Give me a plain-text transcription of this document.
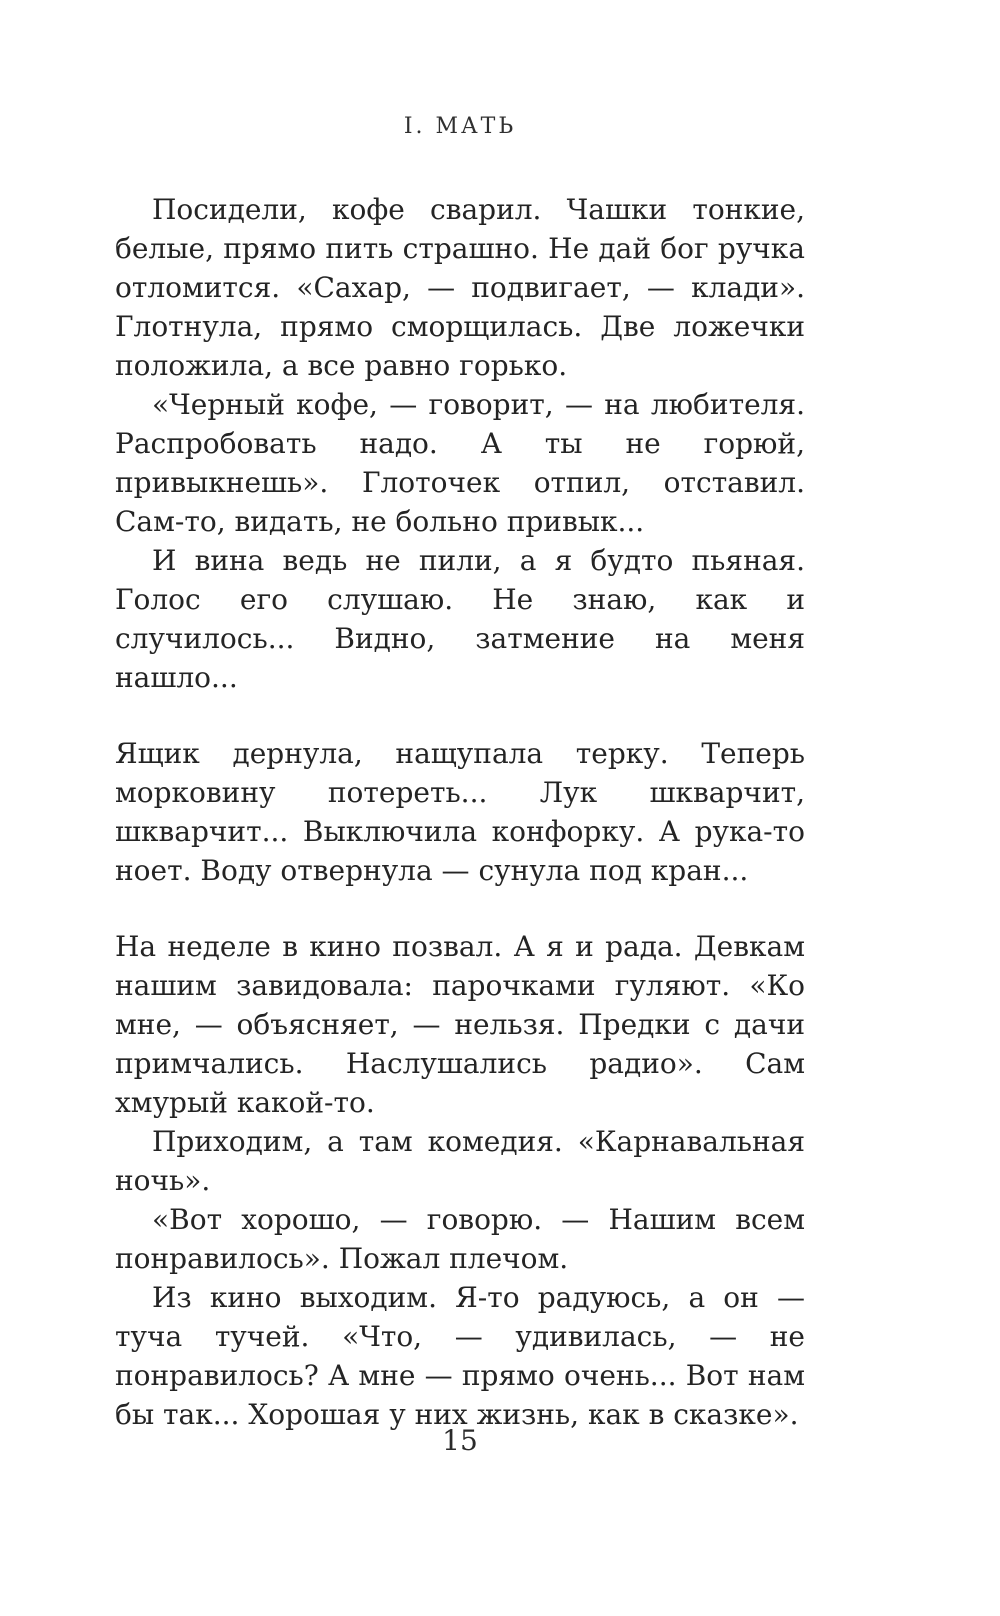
I. МАТЬ

Посидели, кофе сварил. Чашки тонкие, белые, прямо пить страшно. Не дай бог ручка отломится. «Сахар, — подвигает, — клади». Глотнула, прямо сморщилась. Две ложечки положила, а все равно горько.

«Черный кофе, — говорит, — на любителя. Распробовать надо. А ты не горюй, привыкнешь». Глоточек отпил, отставил. Сам-то, видать, не больно привык...

И вина ведь не пили, а я будто пьяная. Голос его слушаю. Не знаю, как и случилось... Видно, затмение на меня нашло...

Ящик дернула, нащупала терку. Теперь морковину потереть... Лук шкварчит, шкварчит... Выключила конфорку. А рука-то ноет. Воду отвернула — сунула под кран...

На неделе в кино позвал. А я и рада. Девкам нашим завидовала: парочками гуляют. «Ко мне, — объясняет, — нельзя. Предки с дачи примчались. Наслушались радио». Сам хмурый какой-то.

Приходим, а там комедия. «Карнавальная ночь».

«Вот хорошо, — говорю. — Нашим всем понравилось». Пожал плечом.

Из кино выходим. Я-то радуюсь, а он — туча тучей. «Что, — удивилась, — не понравилось? А мне — прямо очень... Вот нам бы так... Хорошая у них жизнь, как в сказке».

15
